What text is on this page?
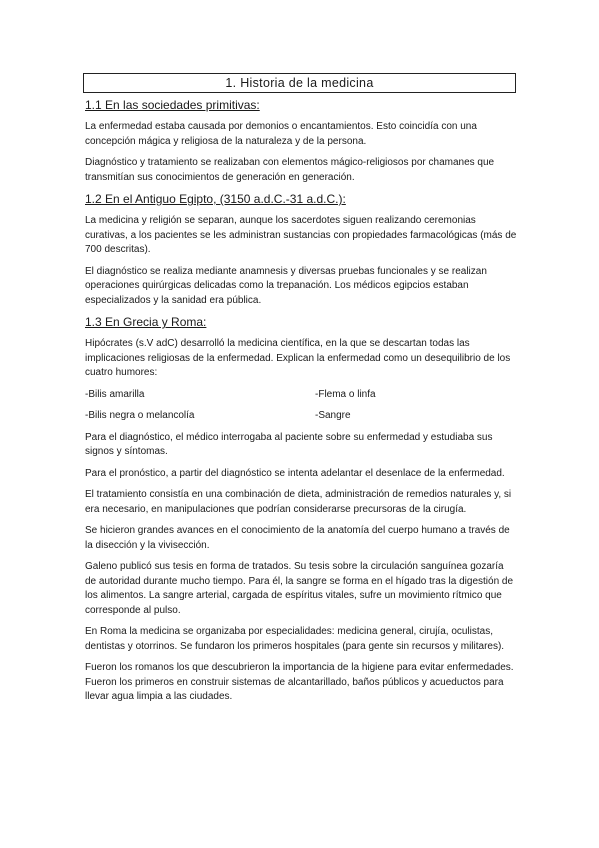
1. Historia de la medicina
1.1 En las sociedades primitivas:
La enfermedad estaba causada por demonios o encantamientos. Esto coincidía con una concepción mágica y religiosa de la naturaleza y de la persona.
Diagnóstico y tratamiento se realizaban con elementos mágico-religiosos por chamanes que transmitían sus conocimientos de generación en generación.
1.2 En el Antiguo Egipto, (3150 a.d.C.-31 a.d.C.):
La medicina y religión se separan, aunque los sacerdotes siguen realizando ceremonias curativas, a los pacientes se les administran sustancias con propiedades farmacológicas (más de 700 descritas).
El diagnóstico se realiza mediante anamnesis y diversas pruebas funcionales y se realizan operaciones quirúrgicas delicadas como la trepanación. Los médicos egipcios estaban especializados y la sanidad era pública.
1.3 En Grecia y Roma:
Hipócrates (s.V adC) desarrolló la medicina científica, en la que se descartan todas las implicaciones religiosas de la enfermedad. Explican la enfermedad como un desequilibrio de los cuatro humores:
-Bilis amarilla	-Flema o linfa
-Bilis negra o melancolía	-Sangre
Para el diagnóstico, el médico interrogaba al paciente sobre su enfermedad y estudiaba sus signos y síntomas.
Para el pronóstico, a partir del diagnóstico se intenta adelantar el desenlace de la enfermedad.
El tratamiento consistía en una combinación de dieta, administración de remedios naturales y, si era necesario, en manipulaciones que podrían considerarse precursoras de la cirugía.
Se hicieron grandes avances en el conocimiento de la anatomía del cuerpo humano a través de la disección y la vivisección.
Galeno publicó sus tesis en forma de tratados. Su tesis sobre la circulación sanguínea gozaría de autoridad durante mucho tiempo. Para él, la sangre se forma en el hígado tras la digestión de los alimentos. La sangre arterial, cargada de espíritus vitales, sufre un movimiento rítmico que corresponde al pulso.
En Roma la medicina se organizaba por especialidades: medicina general, cirujía, oculistas, dentistas y otorrinos. Se fundaron los primeros hospitales (para gente sin recursos y militares).
Fueron los romanos los que descubrieron la importancia de la higiene para evitar enfermedades. Fueron los primeros en construir sistemas de alcantarillado, baños públicos y acueductos para llevar agua limpia a las ciudades.
